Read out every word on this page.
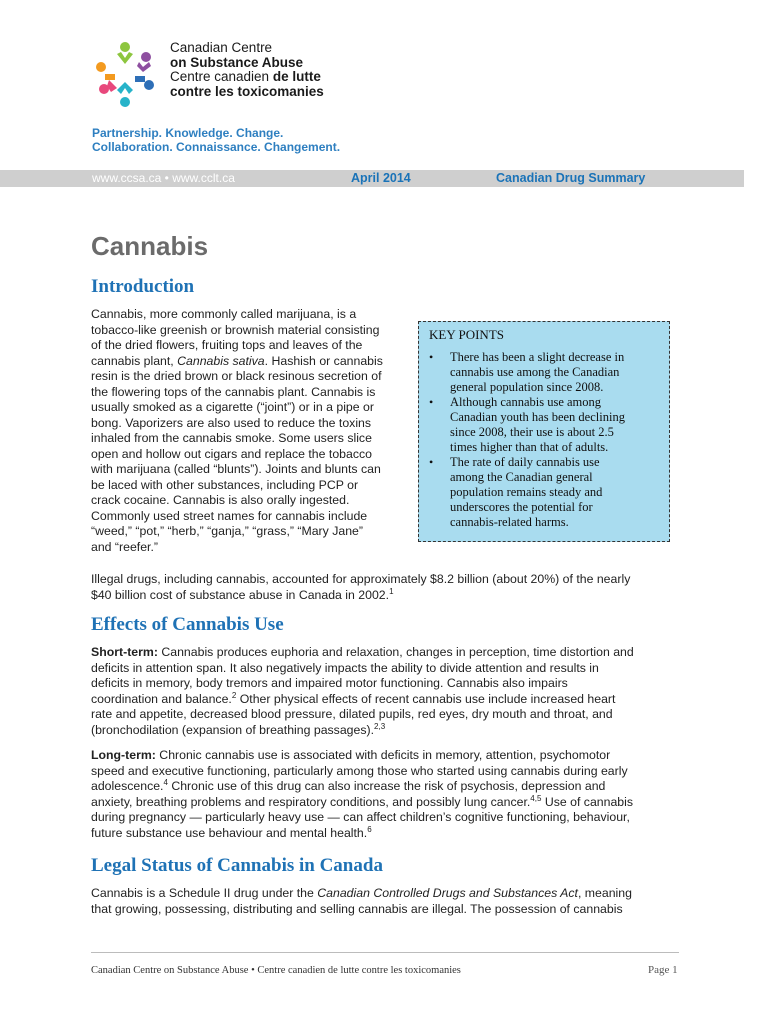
Canadian Centre
on Substance Abuse
Centre canadien de lutte
contre les toxicomanies
Partnership. Knowledge. Change.
Collaboration. Connaissance. Changement.
www.ccsa.ca • www.cclt.ca	April 2014	Canadian Drug Summary
Cannabis
Introduction
Cannabis, more commonly called marijuana, is a
tobacco-like greenish or brownish material consisting
of the dried flowers, fruiting tops and leaves of the
cannabis plant, Cannabis sativa. Hashish or cannabis
resin is the dried brown or black resinous secretion of
the flowering tops of the cannabis plant. Cannabis is
usually smoked as a cigarette (“joint”) or in a pipe or
bong. Vaporizers are also used to reduce the toxins
inhaled from the cannabis smoke. Some users slice
open and hollow out cigars and replace the tobacco
with marijuana (called “blunts”). Joints and blunts can
be laced with other substances, including PCP or
crack cocaine. Cannabis is also orally ingested.
Commonly used street names for cannabis include
“weed,” “pot,” “herb,” “ganja,” “grass,” “Mary Jane”
and “reefer.”
KEY POINTS
• There has been a slight decrease in
cannabis use among the Canadian
general population since 2008.
• Although cannabis use among
Canadian youth has been declining
since 2008, their use is about 2.5
times higher than that of adults.
• The rate of daily cannabis use
among the Canadian general
population remains steady and
underscores the potential for
cannabis-related harms.
Illegal drugs, including cannabis, accounted for approximately $8.2 billion (about 20%) of the nearly
$40 billion cost of substance abuse in Canada in 2002.$^1$
Effects of Cannabis Use
Short-term: Cannabis produces euphoria and relaxation, changes in perception, time distortion and
deficits in attention span. It also negatively impacts the ability to divide attention and results in
deficits in memory, body tremors and impaired motor functioning. Cannabis also impairs
coordination and balance.$^2$ Other physical effects of recent cannabis use include increased heart
rate and appetite, decreased blood pressure, dilated pupils, red eyes, dry mouth and throat, and
(bronchodilation (expansion of breathing passages).$^{2,3}$
Long-term: Chronic cannabis use is associated with deficits in memory, attention, psychomotor
speed and executive functioning, particularly among those who started using cannabis during early
adolescence.$^4$ Chronic use of this drug can also increase the risk of psychosis, depression and
anxiety, breathing problems and respiratory conditions, and possibly lung cancer.$^{4,5}$ Use of cannabis
during pregnancy — particularly heavy use — can affect children’s cognitive functioning, behaviour,
future substance use behaviour and mental health.$^6$
Legal Status of Cannabis in Canada
Cannabis is a Schedule II drug under the Canadian Controlled Drugs and Substances Act, meaning
that growing, possessing, distributing and selling cannabis are illegal. The possession of cannabis
Canadian Centre on Substance Abuse • Centre canadien de lutte contre les toxicomanies	Page 1
